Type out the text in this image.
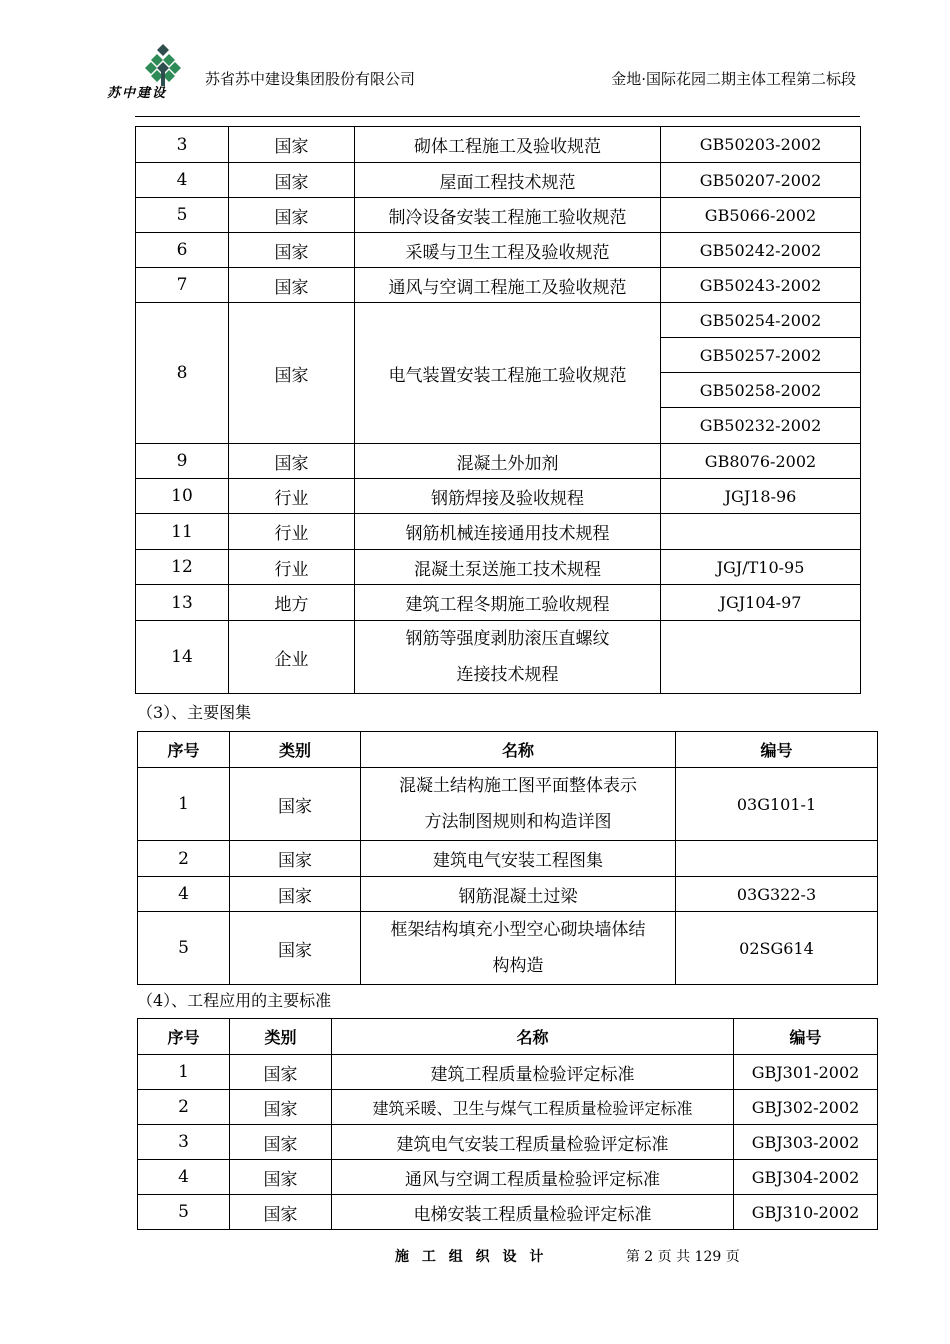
苏中建设
苏省苏中建设集团股份有限公司	金地·国际花园二期主体工程第二标段
3	国家	砌体工程施工及验收规范	GB50203-2002
4	国家	屋面工程技术规范	GB50207-2002
5	国家	制冷设备安装工程施工验收规范	GB5066-2002
6	国家	采暖与卫生工程及验收规范	GB50242-2002
7	国家	通风与空调工程施工及验收规范	GB50243-2002
8	国家	电气装置安装工程施工验收规范	GB50254-2002
			GB50257-2002
			GB50258-2002
			GB50232-2002
9	国家	混凝土外加剂	GB8076-2002
10	行业	钢筋焊接及验收规程	JGJ18-96
11	行业	钢筋机械连接通用技术规程	
12	行业	混凝土泵送施工技术规程	JGJ/T10-95
13	地方	建筑工程冬期施工验收规程	JGJ104-97
14	企业	钢筋等强度剥肋滚压直螺纹
连接技术规程	

（3）、主要图集
序号	类别	名称	编号
1	国家	混凝土结构施工图平面整体表示
方法制图规则和构造详图	03G101-1
2	国家	建筑电气安装工程图集	
4	国家	钢筋混凝土过梁	03G322-3
5	国家	框架结构填充小型空心砌块墙体结
构构造	02SG614
（4）、工程应用的主要标准
序号	类别	名称	编号
1	国家	建筑工程质量检验评定标准	GBJ301-2002
2	国家	建筑采暖、卫生与煤气工程质量检验评定标准	GBJ302-2002
3	国家	建筑电气安装工程质量检验评定标准	GBJ303-2002
4	国家	通风与空调工程质量检验评定标准	GBJ304-2002
5	国家	电梯安装工程质量检验评定标准	GBJ310-2002
施 工 组 织 设 计	第 2 页 共 129 页
